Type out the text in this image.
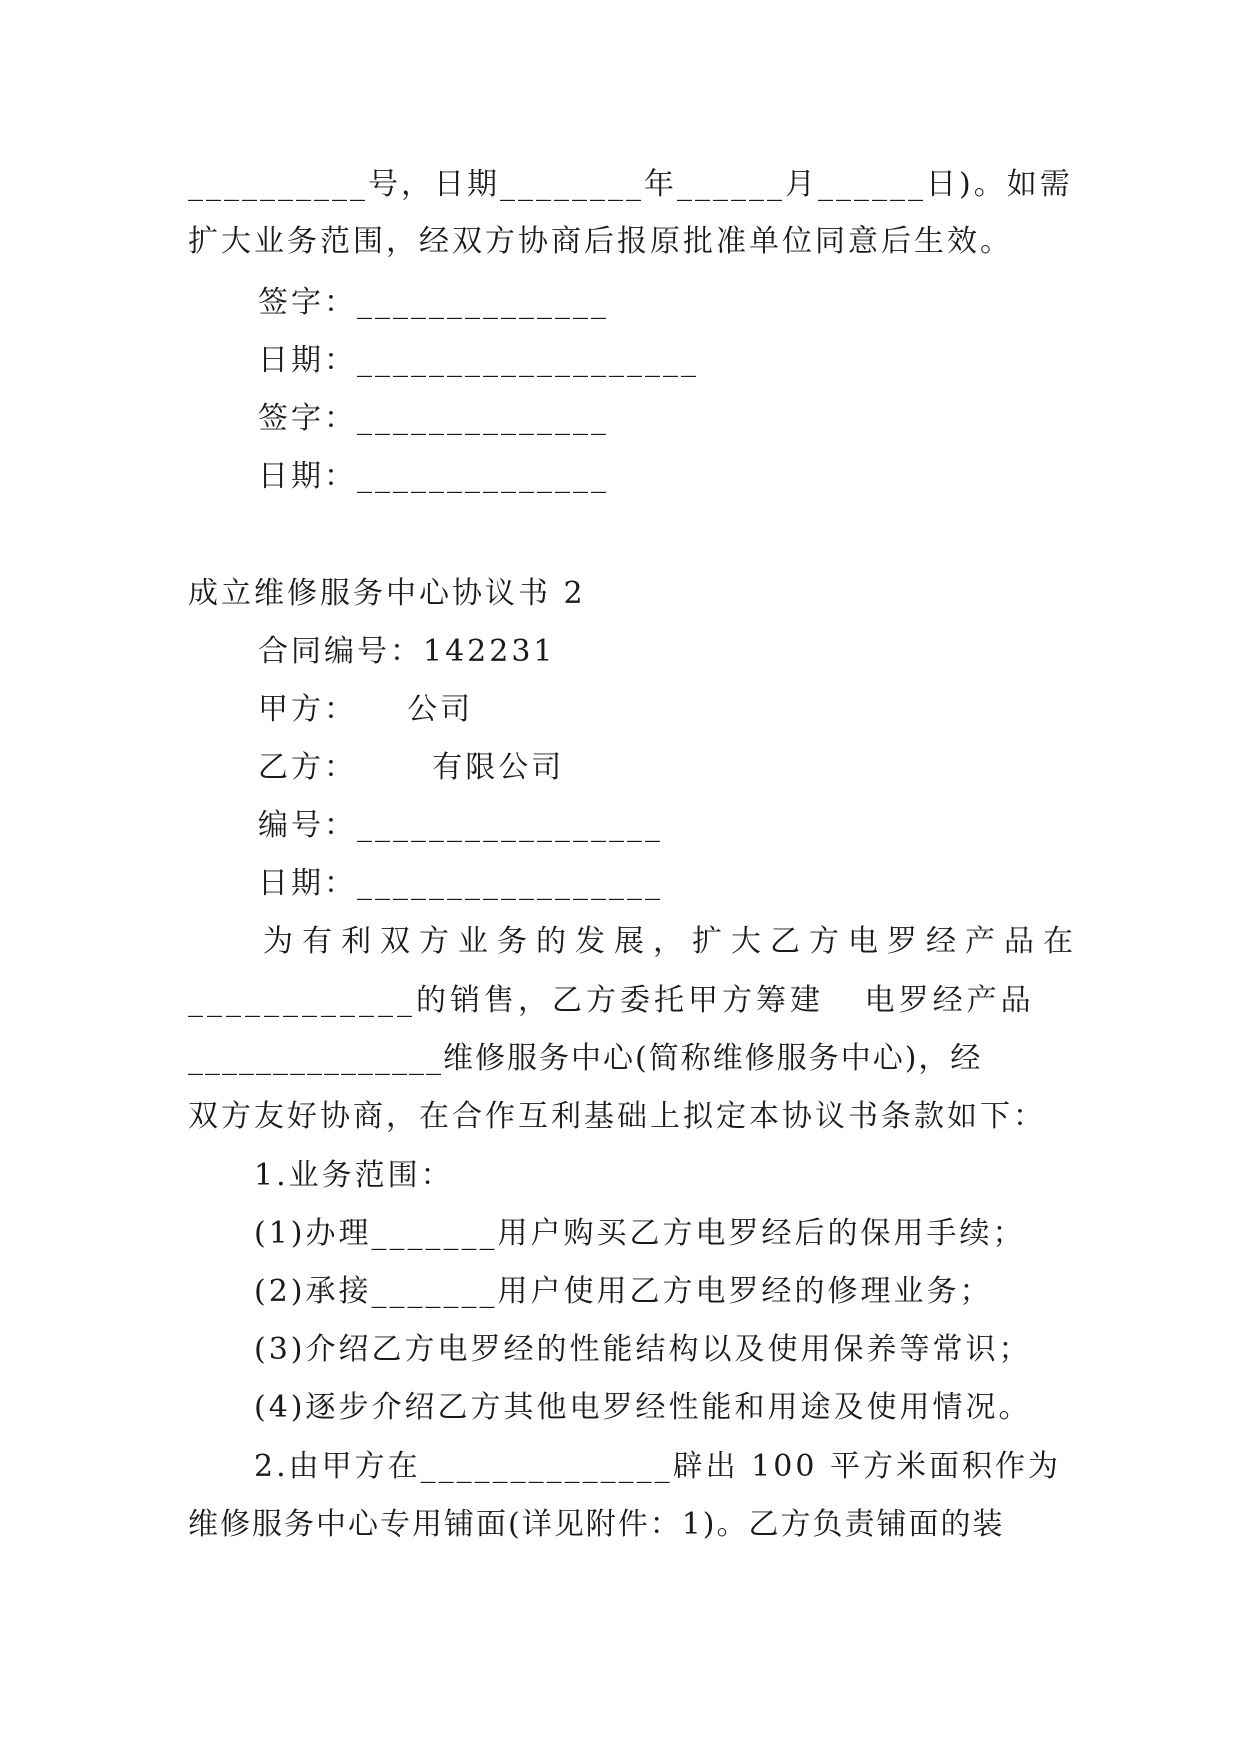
__________号，日期________年______月______日)。如需
扩大业务范围，经双方协商后报原批准单位同意后生效。
签字：______________
日期：___________________
签字：______________
日期：______________
成立维修服务中心协议书 2
合同编号：142231
甲方：    公司
乙方：      有限公司
编号：_________________
日期：_________________
为有利双方业务的发展，扩大乙方电罗经产品在
____________的销售，乙方委托甲方筹建   电罗经产品
_______________维修服务中心(简称维修服务中心)，经
双方友好协商，在合作互利基础上拟定本协议书条款如下：
1.业务范围：
(1)办理_______用户购买乙方电罗经后的保用手续；
(2)承接_______用户使用乙方电罗经的修理业务；
(3)介绍乙方电罗经的性能结构以及使用保养等常识；
(4)逐步介绍乙方其他电罗经性能和用途及使用情况。
2.由甲方在______________辟出 100 平方米面积作为
维修服务中心专用铺面(详见附件：1)。乙方负责铺面的装
